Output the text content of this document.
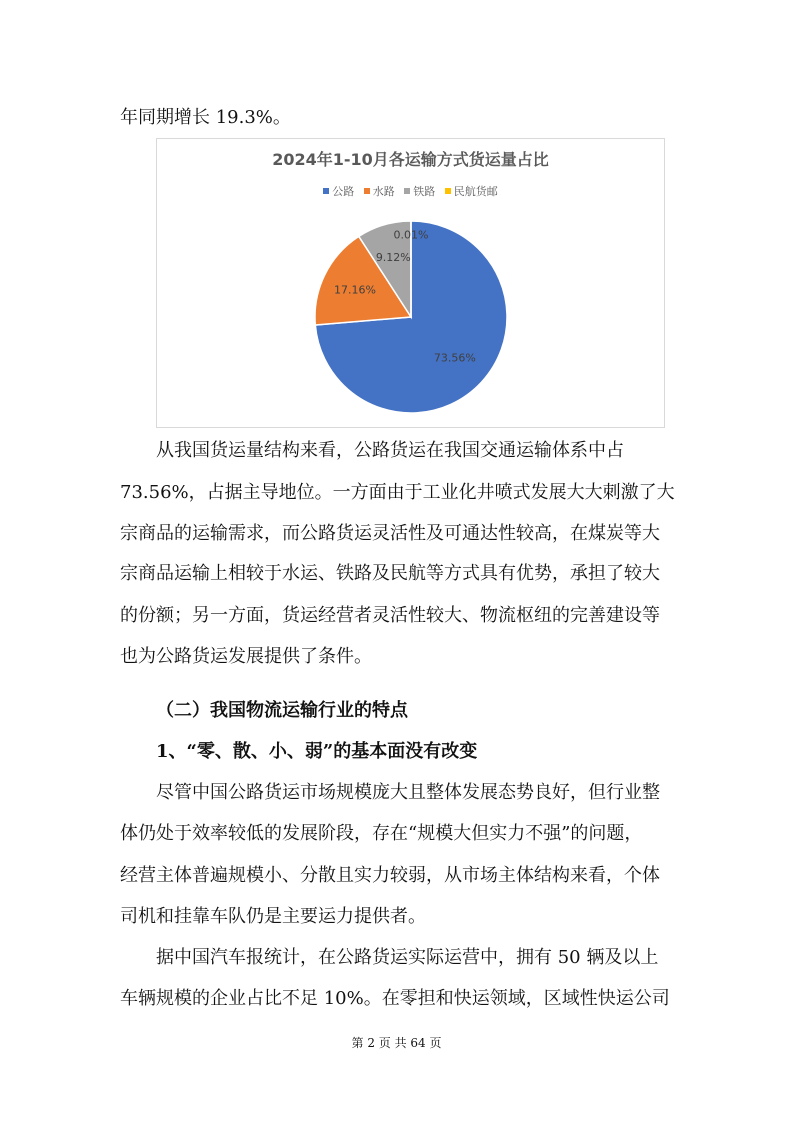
年同期增长 19.3%。
2024年1-10月各运输方式货运量占比
公路 水路 铁路 民航货邮
73.56%
17.16%
9.12%
0.01%
从我国货运量结构来看，公路货运在我国交通运输体系中占
73.56%，占据主导地位。一方面由于工业化井喷式发展大大刺激了大
宗商品的运输需求，而公路货运灵活性及可通达性较高，在煤炭等大
宗商品运输上相较于水运、铁路及民航等方式具有优势，承担了较大
的份额；另一方面，货运经营者灵活性较大、物流枢纽的完善建设等
也为公路货运发展提供了条件。
（二）我国物流运输行业的特点
1、“零、散、小、弱”的基本面没有改变
尽管中国公路货运市场规模庞大且整体发展态势良好，但行业整
体仍处于效率较低的发展阶段，存在“规模大但实力不强”的问题，
经营主体普遍规模小、分散且实力较弱，从市场主体结构来看，个体
司机和挂靠车队仍是主要运力提供者。
据中国汽车报统计，在公路货运实际运营中，拥有 50 辆及以上
车辆规模的企业占比不足 10%。在零担和快运领域，区域性快运公司
第 2 页 共 64 页
